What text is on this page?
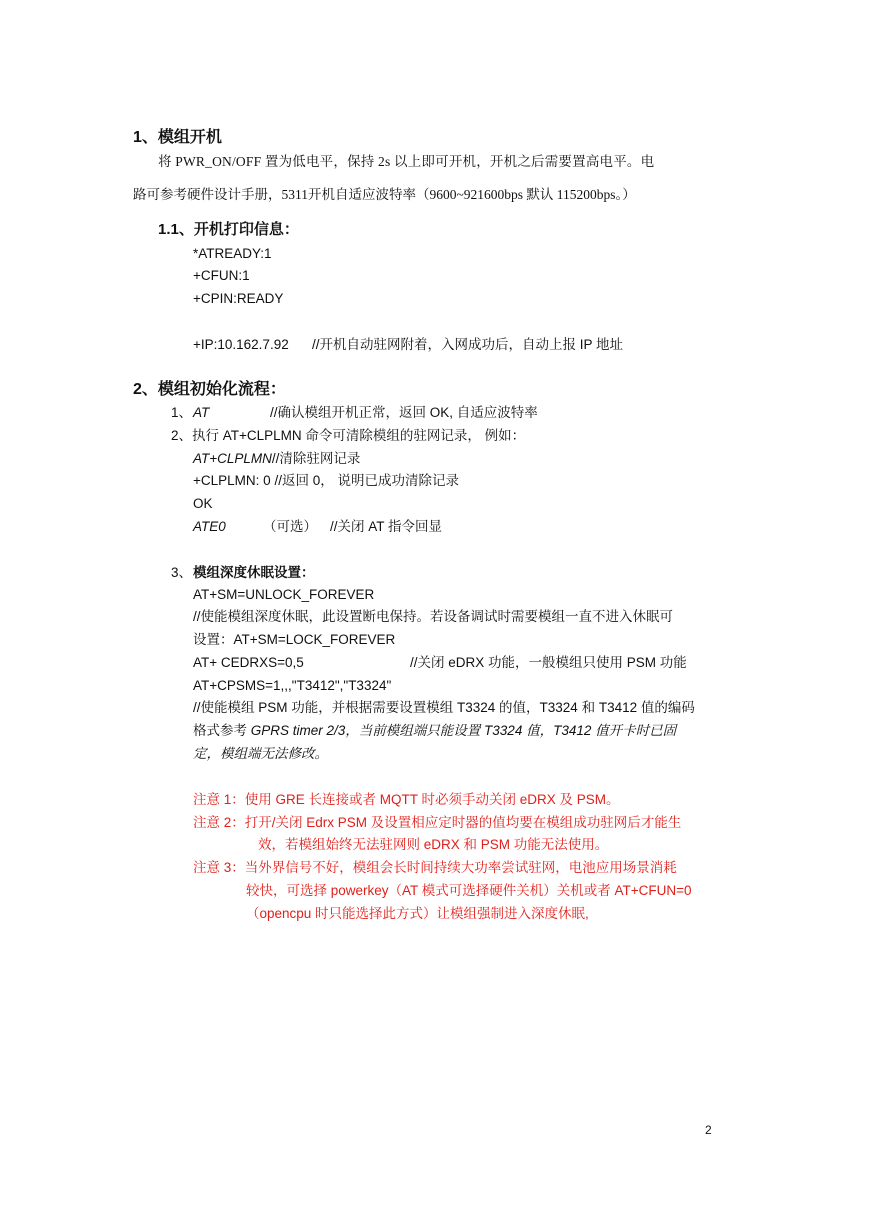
1、模组开机
将 PWR_ON/OFF 置为低电平，保持 2s 以上即可开机，开机之后需要置高电平。电
路可参考硬件设计手册，5311开机自适应波特率（9600~921600bps 默认 115200bps。）
1.1、开机打印信息：
*ATREADY:1
+CFUN:1
+CPIN:READY
+IP:10.162.7.92 //开机自动驻网附着，入网成功后，自动上报 IP 地址
2、模组初始化流程：
1、 AT	//确认模组开机正常，返回 OK, 自适应波特率
2、执行 AT+CLPLMN 命令可清除模组的驻网记录， 例如：
AT+CLPLMN//清除驻网记录
+CLPLMN: 0 //返回 0， 说明已成功清除记录
OK
ATE0	（可选） //关闭 AT 指令回显
3、 模组深度休眠设置：
AT+SM=UNLOCK_FOREVER
//使能模组深度休眠，此设置断电保持。若设备调试时需要模组一直不进入休眠可
设置：AT+SM=LOCK_FOREVER
AT+ CEDRXS=0,5	//关闭 eDRX 功能，一般模组只使用 PSM 功能
AT+CPSMS=1,,,"T3412","T3324"
//使能模组 PSM 功能，并根据需要设置模组 T3324 的值，T3324 和 T3412 值的编码
格式参考 GPRS timer 2/3，当前模组端只能设置 T3324 值，T3412 值开卡时已固
定，模组端无法修改。
注意 1：使用 GRE 长连接或者 MQTT 时必须手动关闭 eDRX 及 PSM。
注意 2：打开/关闭 Edrx PSM 及设置相应定时器的值均要在模组成功驻网后才能生
效，若模组始终无法驻网则 eDRX 和 PSM 功能无法使用。
注意 3：当外界信号不好，模组会长时间持续大功率尝试驻网，电池应用场景消耗
较快，可选择 powerkey（AT 模式可选择硬件关机）关机或者 AT+CFUN=0
（opencpu 时只能选择此方式）让模组强制进入深度休眠,
2
